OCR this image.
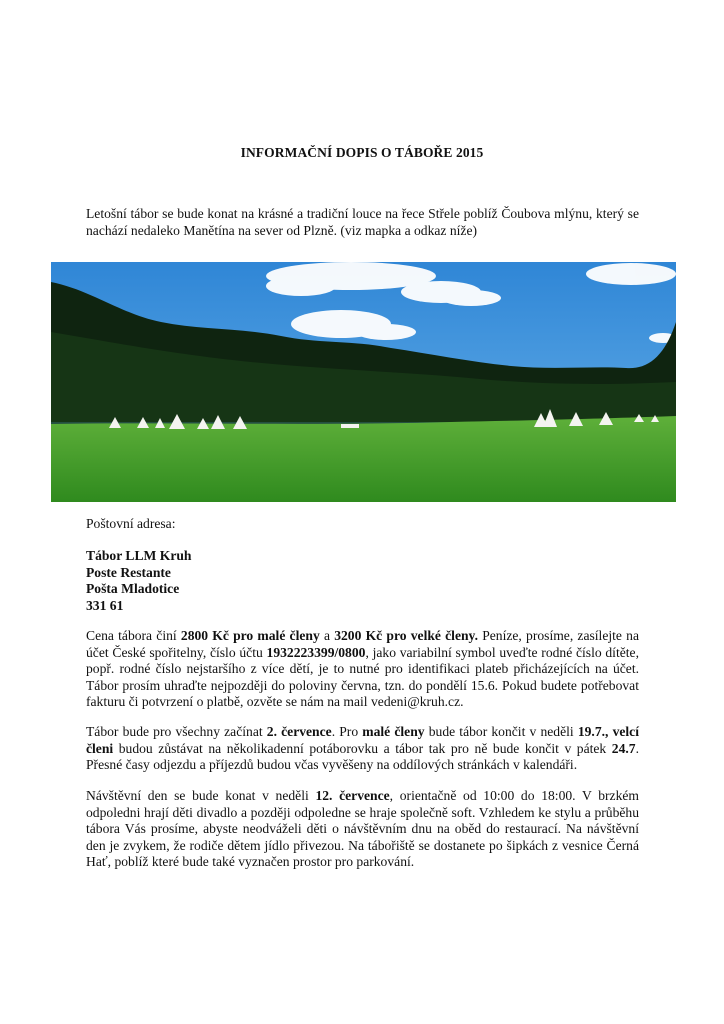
INFORMAČNÍ DOPIS O TÁBOŘE 2015
Letošní tábor se bude konat na krásné a tradiční louce na řece Střele poblíž Čoubova mlýnu, který se nachází nedaleko Manětína na sever od Plzně. (viz mapka a odkaz níže)
Poštovní adresa:
Tábor LLM Kruh
Poste Restante
Pošta Mladotice
331 61
Cena tábora činí 2800 Kč pro malé členy a 3200 Kč pro velké členy. Peníze, prosíme, zasílejte na účet České spořitelny, číslo účtu 1932223399/0800, jako variabilní symbol uveďte rodné číslo dítěte, popř. rodné číslo nejstaršího z více dětí, je to nutné pro identifikaci plateb přicházejících na účet. Tábor prosím uhraďte nejpozději do poloviny června, tzn. do pondělí 15.6. Pokud budete potřebovat fakturu či potvrzení o platbě, ozvěte se nám na mail vedeni@kruh.cz.
Tábor bude pro všechny začínat 2. července. Pro malé členy bude tábor končit v neděli 19.7., velcí členi budou zůstávat na několikadenní potáborovku a tábor tak pro ně bude končit v pátek 24.7. Přesné časy odjezdu a příjezdů budou včas vyvěšeny na oddílových stránkách v kalendáři.
Návštěvní den se bude konat v neděli 12. července, orientačně od 10:00 do 18:00. V brzkém odpoledni hrají děti divadlo a později odpoledne se hraje společně soft. Vzhledem ke stylu a průběhu tábora Vás prosíme, abyste neodváželi děti o návštěvním dnu na oběd do restaurací. Na návštěvní den je zvykem, že rodiče dětem jídlo přivezou. Na tábořiště se dostanete po šipkách z vesnice Černá Hať, poblíž které bude také vyznačen prostor pro parkování.
